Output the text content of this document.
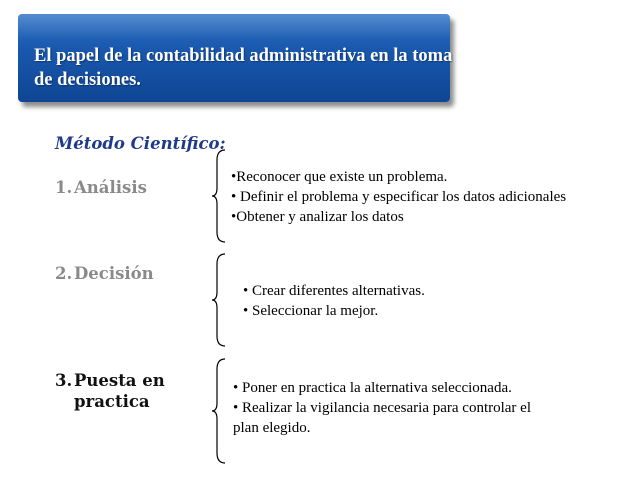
El papel de la contabilidad administrativa en la toma de decisiones.
Método Científico:
1. Análisis
•Reconocer que existe un problema.
• Definir el problema y especificar los datos adicionales
•Obtener y analizar los datos
2. Decisión
• Crear diferentes alternativas.
• Seleccionar la mejor.
3. Puesta en
practica
• Poner en practica la alternativa seleccionada.
• Realizar la vigilancia necesaria para controlar el
plan elegido.
